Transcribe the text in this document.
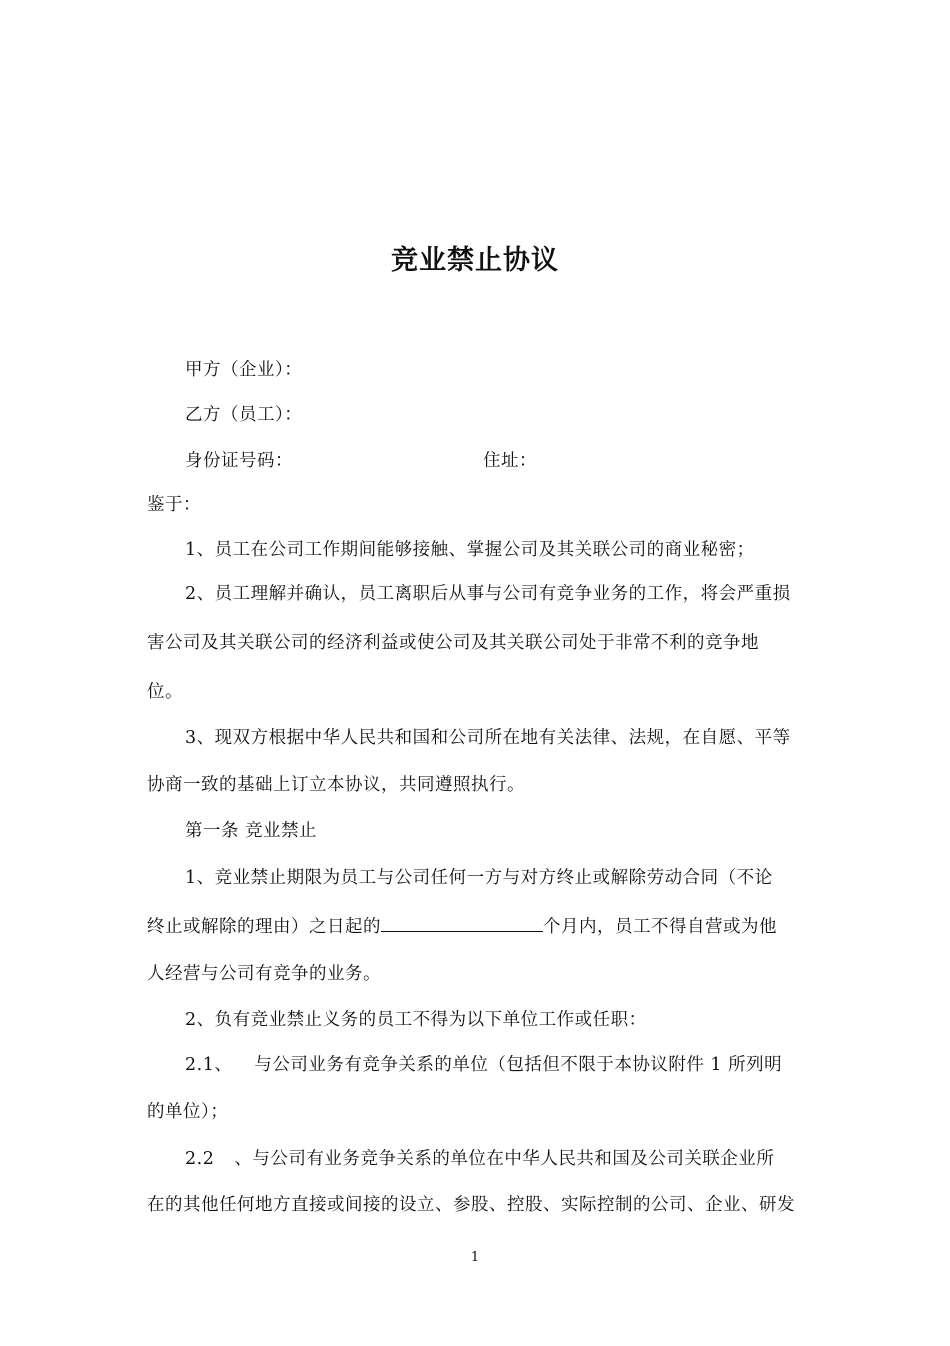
竞业禁止协议
甲方（企业）：
乙方（员工）：
身份证号码：	住址：
鉴于：
1、员工在公司工作期间能够接触、掌握公司及其关联公司的商业秘密；
2、员工理解并确认，员工离职后从事与公司有竞争业务的工作，将会严重损
害公司及其关联公司的经济利益或使公司及其关联公司处于非常不利的竞争地
位。
3、现双方根据中华人民共和国和公司所在地有关法律、法规，在自愿、平等
协商一致的基础上订立本协议，共同遵照执行。
第一条 竞业禁止
1、竞业禁止期限为员工与公司任何一方与对方终止或解除劳动合同（不论
终止或解除的理由）之日起的	个月内，员工不得自营或为他
人经营与公司有竞争的业务。
2、负有竞业禁止义务的员工不得为以下单位工作或任职：
2.1、 与公司业务有竞争关系的单位（包括但不限于本协议附件 1 所列明
的单位）；
2.2 、与公司有业务竞争关系的单位在中华人民共和国及公司关联企业所
在的其他任何地方直接或间接的设立、参股、控股、实际控制的公司、企业、研发
1
